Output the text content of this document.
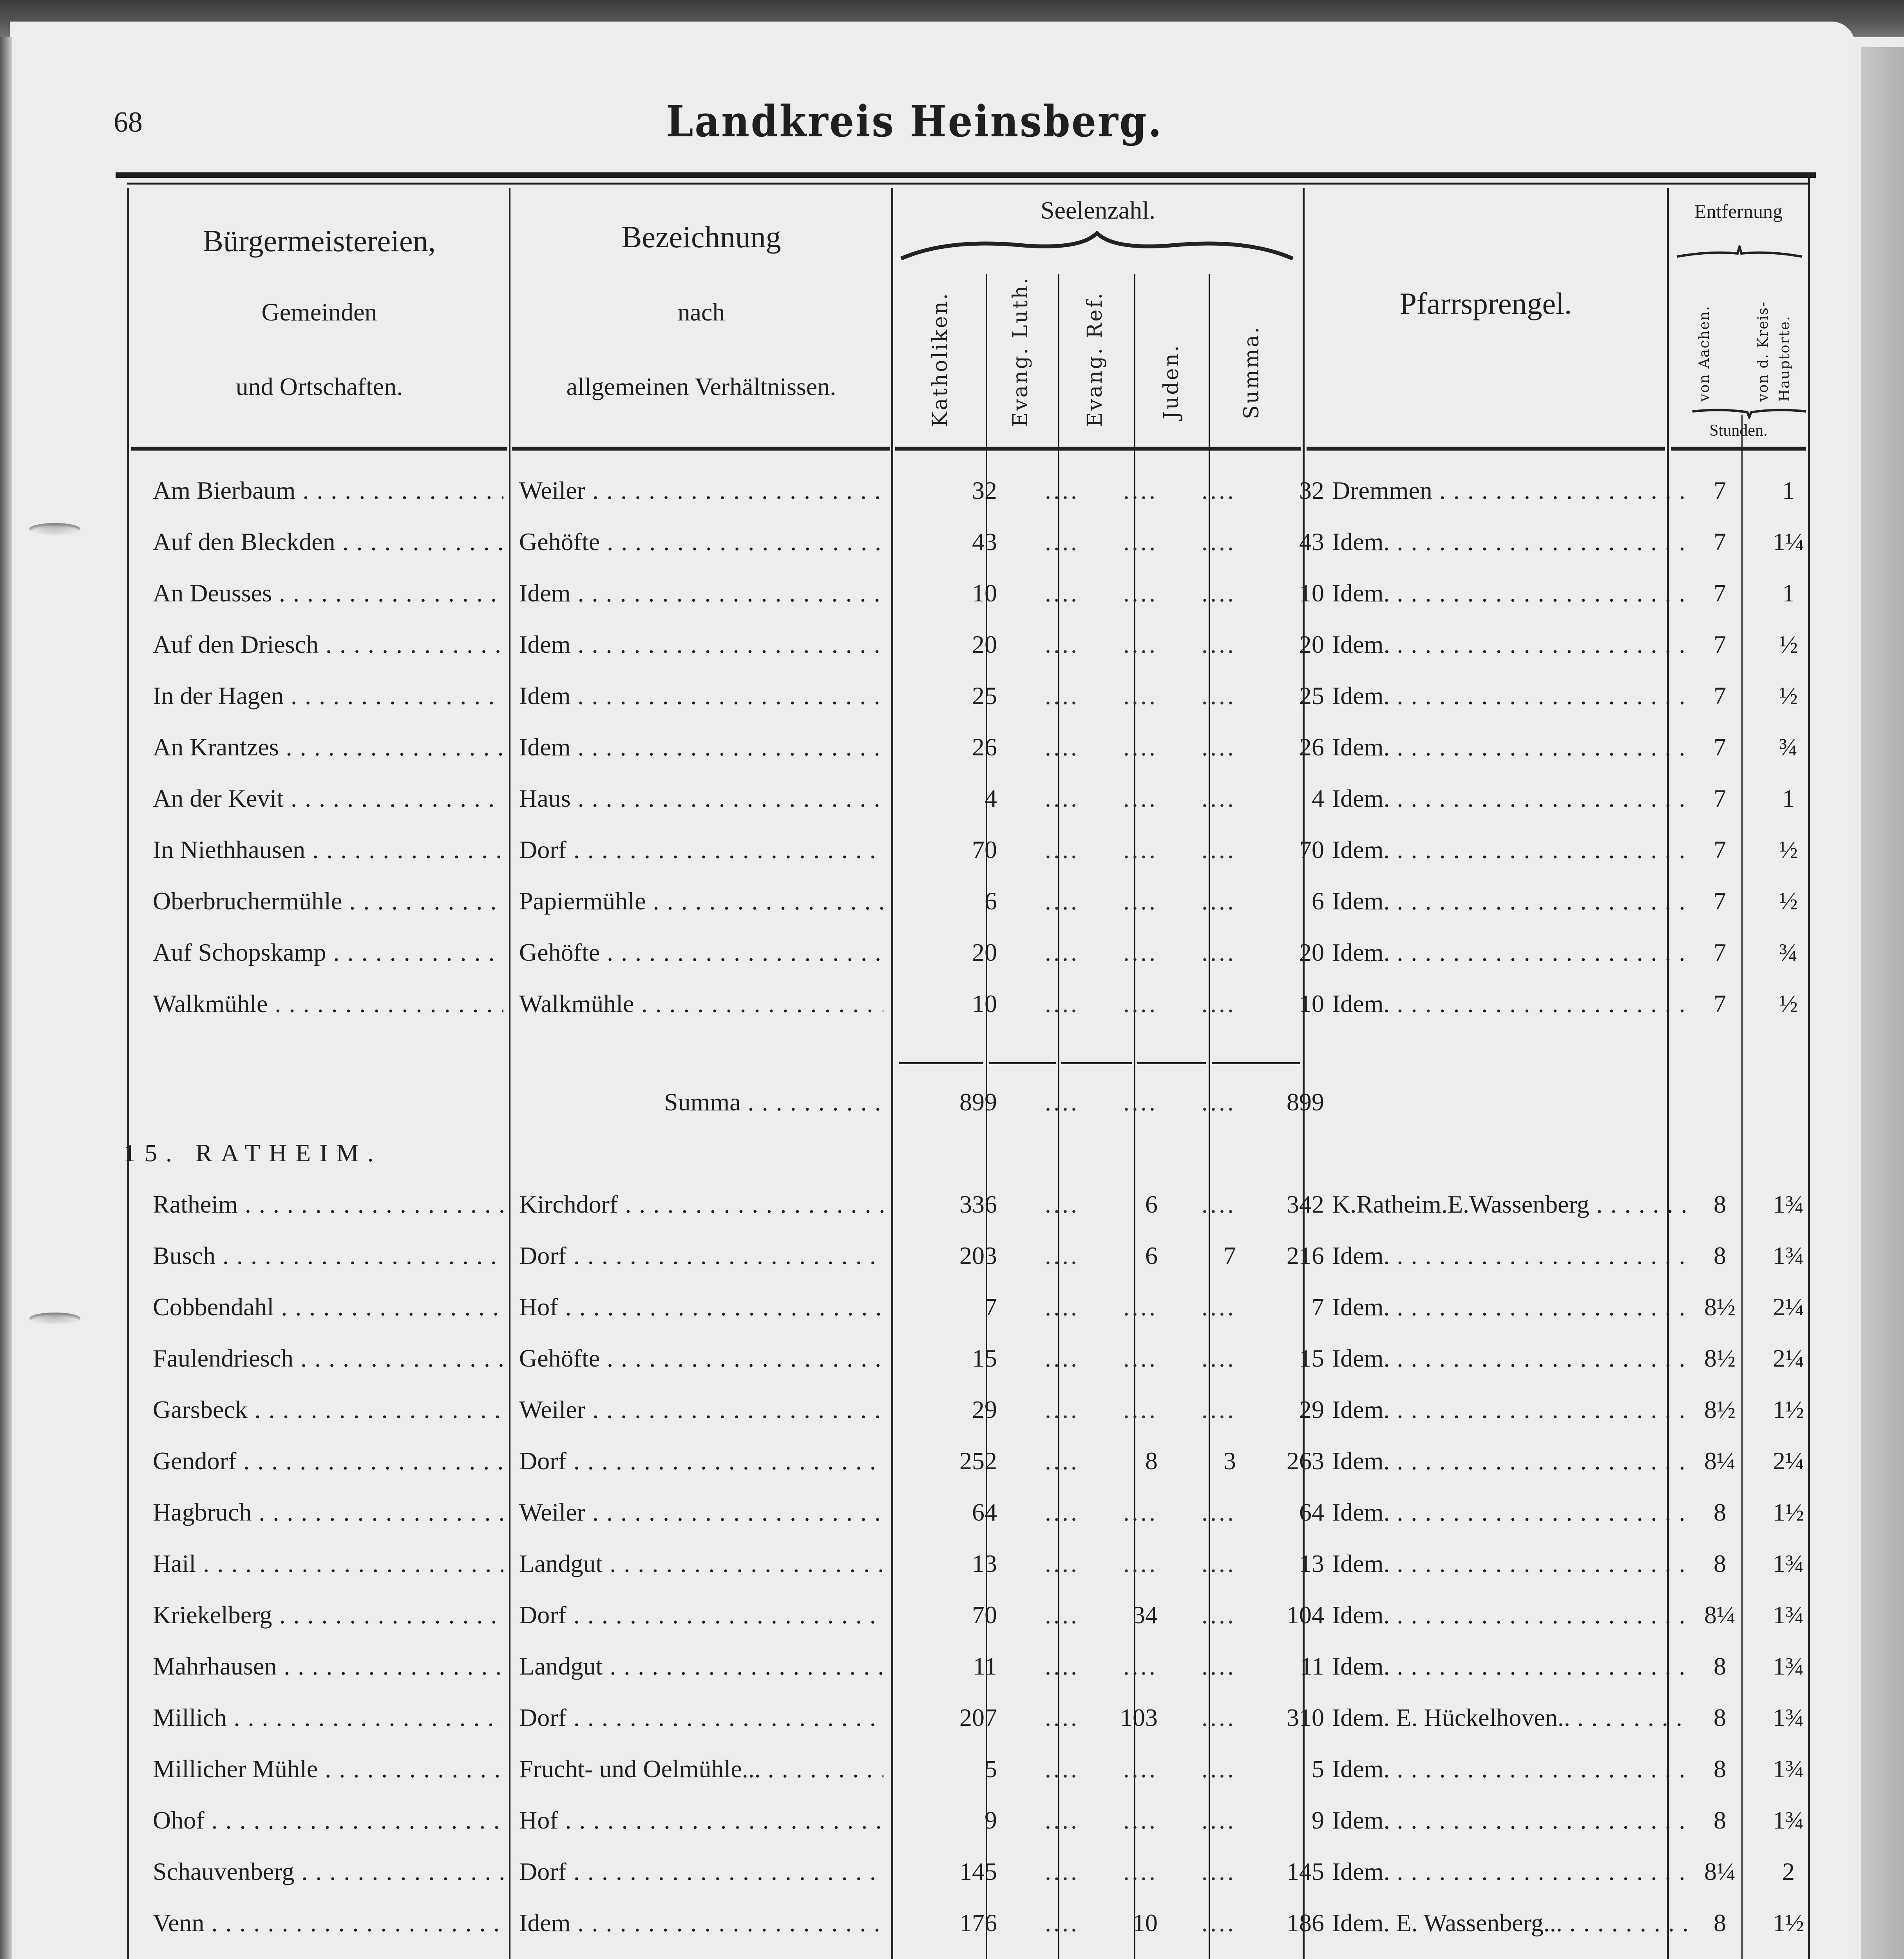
68	Landkreis Heinsberg.
Bürgermeistereien,
Gemeinden
und Ortschaften.
Bezeichnung
nach
allgemeinen Verhältnissen.
Seelenzahl.
Katholiken.	Evang. Luth.	Evang. Ref.	Juden.	Summa.
Pfarrsprengel.
Entfernung
von Aachen.	von d. Kreis- Hauptorte.
Stunden.
Am Bierbaum . . .	Weiler . . .	32	....	....	....	32 Dremmen . . .	7	1
Auf den Bleckden . . .	Gehöfte . . .	43	....	....	....	43 Idem. . . .	7	1¼
An Deusses . . .	Idem . . .	10	....	....	....	10 Idem. . . .	7	1
Auf den Driesch . . .	Idem . . .	20	....	....	....	20 Idem. . . .	7	½
In der Hagen . . .	Idem . . .	25	....	....	....	25 Idem. . . .	7	½
An Krantzes . . .	Idem . . .	26	....	....	....	26 Idem. . . .	7	¾
An der Kevit . . .	Haus . . .	4	....	....	....	4 Idem. . . .	7	1
In Niethhausen . . .	Dorf . . .	70	....	....	....	70 Idem. . . .	7	½
Oberbruchermühle . . .	Papiermühle . . .	6	....	....	....	6 Idem. . . .	7	½
Auf Schopskamp . . .	Gehöfte . . .	20	....	....	....	20 Idem. . . .	7	¾
Walkmühle . . .	Walkmühle . . .	10	....	....	....	10 Idem. . . .	7	½
Summa . . .	899	....	....	....	899
15. RATHEIM.
Ratheim . . .	Kirchdorf . . .	336	....	6	....	342 K.Ratheim.E.Wassenberg . . .	8	1¾
Busch . . .	Dorf . . .	203	....	6	7	216 Idem. . . .	8	1¾
Cobbendahl . . .	Hof . . .	7	....	....	....	7 Idem. . . .	8½	2¼
Faulendriesch . . .	Gehöfte . . .	15	....	....	....	15 Idem. . . .	8½	2¼
Garsbeck . . .	Weiler . . .	29	....	....	....	29 Idem. . . .	8½	1½
Gendorf . . .	Dorf . . .	252	....	8	3	263 Idem. . . .	8¼	2¼
Hagbruch . . .	Weiler . . .	64	....	....	....	64 Idem. . . .	8	1½
Hail . . .	Landgut . . .	13	....	....	....	13 Idem. . . .	8	1¾
Kriekelberg . . .	Dorf . . .	70	....	34	....	104 Idem. . . .	8¼	1¾
Mahrhausen . . .	Landgut . . .	11	....	....	....	11 Idem. . . .	8	1¾
Millich . . .	Dorf . . .	207	....	103	....	310 Idem. E. Hückelhoven.. . . .	8	1¾
Millicher Mühle . . .	Frucht- und Oelmühle... . . .	5	....	....	....	5 Idem. . . .	8	1¾
Ohof . . .	Hof . . .	9	....	....	....	9 Idem. . . .	8	1¾
Schauvenberg . . .	Dorf . . .	145	....	....	....	145 Idem. . . .	8¼	2
Venn . . .	Idem . . .	176	....	10	....	186 Idem. E. Wassenberg... . . .	8	1½
